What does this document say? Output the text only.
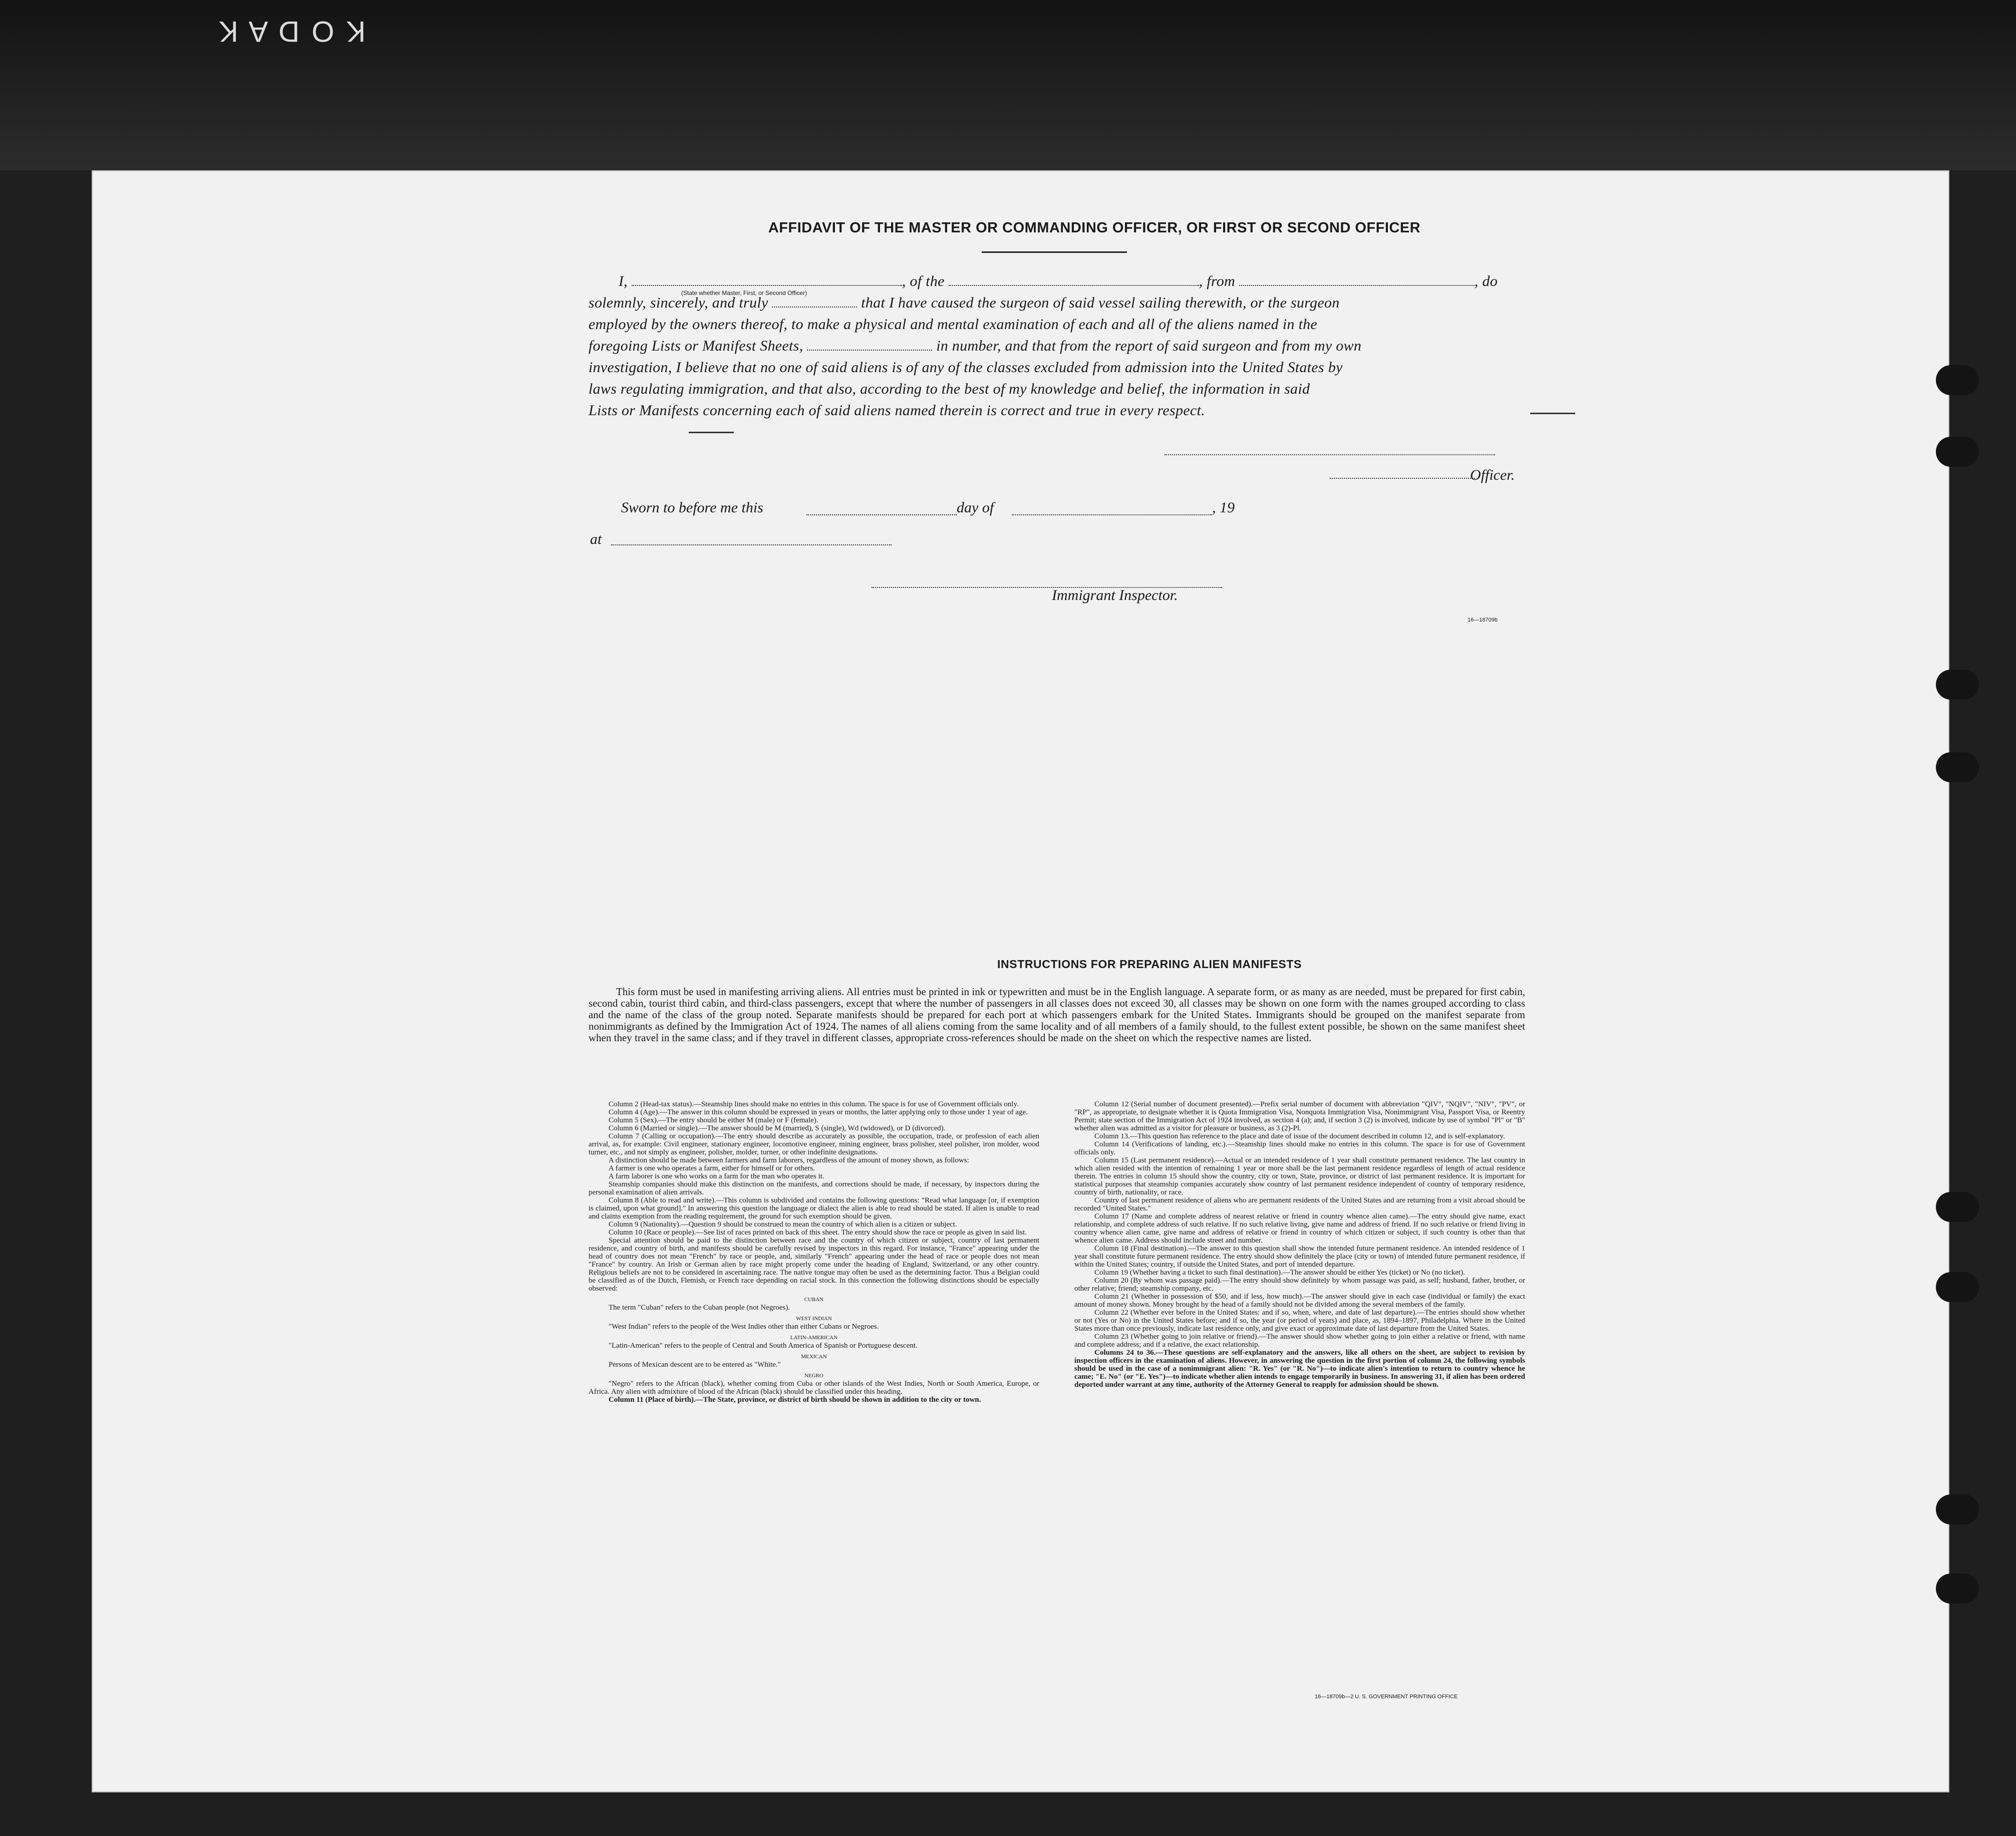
K O D A K
AFFIDAVIT OF THE MASTER OR COMMANDING OFFICER, OR FIRST OR SECOND OFFICER

I,	, of the	, from	, do

solemnly, sincerely, and truly	that I have caused the surgeon of said vessel sailing therewith, or the surgeon

employed by the owners thereof, to make a physical and mental examination of each and all of the aliens named in the

foregoing Lists or Manifest Sheets,	in number, and that from the report of said surgeon and from my own

investigation, I believe that no one of said aliens is of any of the classes excluded from admission into the United States by

laws regulating immigration, and that also, according to the best of my knowledge and belief, the information in said

Lists or Manifests concerning each of said aliens named therein is correct and true in every respect.

(State whether Master, First, or Second Officer)
Officer.
Sworn to before me this	day of	, 19
at
Immigrant Inspector.
16—18709b
INSTRUCTIONS FOR PREPARING ALIEN MANIFESTS
This form must be used in manifesting arriving aliens. All entries must be printed in ink or typewritten and must be in the English language. A separate form, or as many as are needed, must be prepared for first cabin, second cabin, tourist third cabin, and third-class passengers, except that where the number of passengers in all classes does not exceed 30, all classes may be shown on one form with the names grouped according to class and the name of the class of the group noted. Separate manifests should be prepared for each port at which passengers embark for the United States. Immigrants should be grouped on the manifest separate from nonimmigrants as defined by the Immigration Act of 1924. The names of all aliens coming from the same locality and of all members of a family should, to the fullest extent possible, be shown on the same manifest sheet when they travel in the same class; and if they travel in different classes, appropriate cross-references should be made on the sheet on which the respective names are listed.

Column 2 (Head-tax status).—Steamship lines should make no entries in this column. The space is for use of Government officials only.

Column 4 (Age).—The answer in this column should be expressed in years or months, the latter applying only to those under 1 year of age.

Column 5 (Sex).—The entry should be either M (male) or F (female).

Column 6 (Married or single).—The answer should be M (married), S (single), Wd (widowed), or D (divorced).

Column 7 (Calling or occupation).—The entry should describe as accurately as possible, the occupation, trade, or profession of each alien arrival, as, for example: Civil engineer, stationary engineer, locomotive engineer, mining engineer, brass polisher, steel polisher, iron molder, wood turner, etc., and not simply as engineer, polisher, molder, turner, or other indefinite designations.

A distinction should be made between farmers and farm laborers, regardless of the amount of money shown, as follows:

A farmer is one who operates a farm, either for himself or for others.

A farm laborer is one who works on a farm for the man who operates it.

Steamship companies should make this distinction on the manifests, and corrections should be made, if necessary, by inspectors during the personal examination of alien arrivals.

Column 8 (Able to read and write).—This column is subdivided and contains the following questions: "Read what language [or, if exemption is claimed, upon what ground]." In answering this question the language or dialect the alien is able to read should be stated. If alien is unable to read and claims exemption from the reading requirement, the ground for such exemption should be given.

Column 9 (Nationality).—Question 9 should be construed to mean the country of which alien is a citizen or subject.

Column 10 (Race or people).—See list of races printed on back of this sheet. The entry should show the race or people as given in said list.

Special attention should be paid to the distinction between race and the country of which citizen or subject, country of last permanent residence, and country of birth, and manifests should be carefully revised by inspectors in this regard. For instance, "France" appearing under the head of country does not mean "French" by race or people, and, similarly "French" appearing under the head of race or people does not mean "France" by country. An Irish or German alien by race might properly come under the heading of England, Switzerland, or any other country. Religious beliefs are not to be considered in ascertaining race. The native tongue may often be used as the determining factor. Thus a Belgian could be classified as of the Dutch, Flemish, or French race depending on racial stock. In this connection the following distinctions should be especially observed:

CUBAN

The term "Cuban" refers to the Cuban people (not Negroes).

WEST INDIAN

"West Indian" refers to the people of the West Indies other than either Cubans or Negroes.

LATIN-AMERICAN

"Latin-American" refers to the people of Central and South America of Spanish or Portuguese descent.

MEXICAN

Persons of Mexican descent are to be entered as "White."

NEGRO

"Negro" refers to the African (black), whether coming from Cuba or other islands of the West Indies, North or South America, Europe, or Africa. Any alien with admixture of blood of the African (black) should be classified under this heading.

Column 11 (Place of birth).—The State, province, or district of birth should be shown in addition to the city or town.

Column 12 (Serial number of document presented).—Prefix serial number of document with abbreviation "QIV", "NQIV", "NIV", "PV", or "RP", as appropriate, to designate whether it is Quota Immigration Visa, Nonquota Immigration Visa, Nonimmigrant Visa, Passport Visa, or Reentry Permit; state section of the Immigration Act of 1924 involved, as section 4 (a); and, if section 3 (2) is involved, indicate by use of symbol "Pl" or "B" whether alien was admitted as a visitor for pleasure or business, as 3 (2)-Pl.

Column 13.—This question has reference to the place and date of issue of the document described in column 12, and is self-explanatory.

Column 14 (Verifications of landing, etc.).—Steamship lines should make no entries in this column. The space is for use of Government officials only.

Column 15 (Last permanent residence).—Actual or an intended residence of 1 year shall constitute permanent residence. The last country in which alien resided with the intention of remaining 1 year or more shall be the last permanent residence regardless of length of actual residence therein. The entries in column 15 should show the country, city or town, State, province, or district of last permanent residence. It is important for statistical purposes that steamship companies accurately show country of last permanent residence independent of country of temporary residence, country of birth, nationality, or race.

Country of last permanent residence of aliens who are permanent residents of the United States and are returning from a visit abroad should be recorded "United States."

Column 17 (Name and complete address of nearest relative or friend in country whence alien came).—The entry should give name, exact relationship, and complete address of such relative. If no such relative living, give name and address of friend. If no such relative or friend living in country whence alien came, give name and address of relative or friend in country of which citizen or subject, if such country is other than that whence alien came. Address should include street and number.

Column 18 (Final destination).—The answer to this question shall show the intended future permanent residence. An intended residence of 1 year shall constitute future permanent residence. The entry should show definitely the place (city or town) of intended future permanent residence, if within the United States; country, if outside the United States, and port of intended departure.

Column 19 (Whether having a ticket to such final destination).—The answer should be either Yes (ticket) or No (no ticket).

Column 20 (By whom was passage paid).—The entry should show definitely by whom passage was paid, as self; husband, father, brother, or other relative; friend; steamship company, etc.

Column 21 (Whether in possession of $50, and if less, how much).—The answer should give in each case (individual or family) the exact amount of money shown. Money brought by the head of a family should not be divided among the several members of the family.

Column 22 (Whether ever before in the United States: and if so, when, where, and date of last departure).—The entries should show whether or not (Yes or No) in the United States before; and if so, the year (or period of years) and place, as, 1894–1897, Philadelphia. Where in the United States more than once previously, indicate last residence only, and give exact or approximate date of last departure from the United States.

Column 23 (Whether going to join relative or friend).—The answer should show whether going to join either a relative or friend, with name and complete address; and if a relative, the exact relationship.

Columns 24 to 36.—These questions are self-explanatory and the answers, like all others on the sheet, are subject to revision by inspection officers in the examination of aliens. However, in answering the question in the first portion of column 24, the following symbols should be used in the case of a nonimmigrant alien: "R. Yes" (or "R. No")—to indicate alien's intention to return to country whence he came; "E. No" (or "E. Yes")—to indicate whether alien intends to engage temporarily in business. In answering 31, if alien has been ordered deported under warrant at any time, authority of the Attorney General to reapply for admission should be shown.

16—18709b—2 U. S. GOVERNMENT PRINTING OFFICE
